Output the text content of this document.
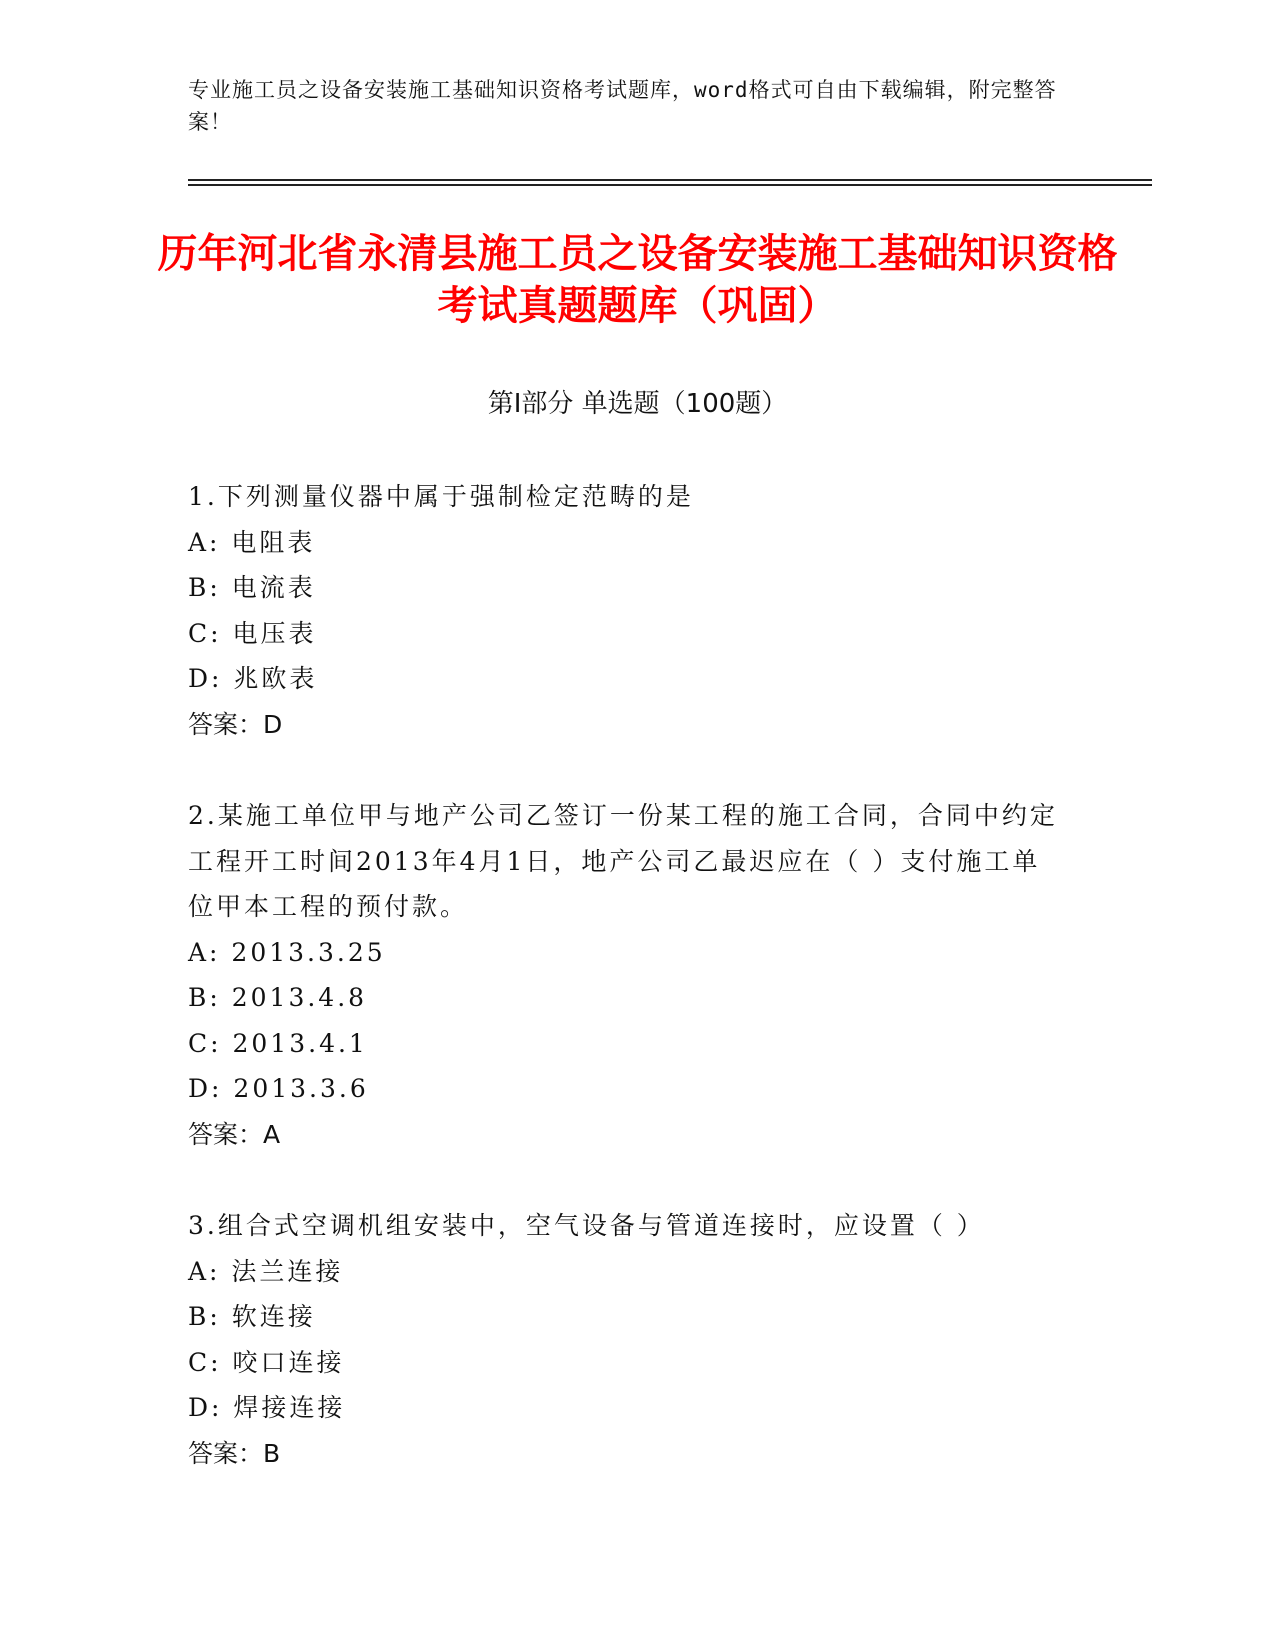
专业施工员之设备安装施工基础知识资格考试题库，word格式可自由下载编辑，附完整答案！
历年河北省永清县施工员之设备安装施工基础知识资格考试真题题库（巩固）
第I部分 单选题（100题）
1.下列测量仪器中属于强制检定范畴的是
A: 电阻表
B: 电流表
C: 电压表
D: 兆欧表
答案：D
2.某施工单位甲与地产公司乙签订一份某工程的施工合同，合同中约定工程开工时间2013年4月1日，地产公司乙最迟应在（ ）支付施工单位甲本工程的预付款。
A: 2013.3.25
B: 2013.4.8
C: 2013.4.1
D: 2013.3.6
答案：A
3.组合式空调机组安装中，空气设备与管道连接时，应设置（ ）
A: 法兰连接
B: 软连接
C: 咬口连接
D: 焊接连接
答案：B
